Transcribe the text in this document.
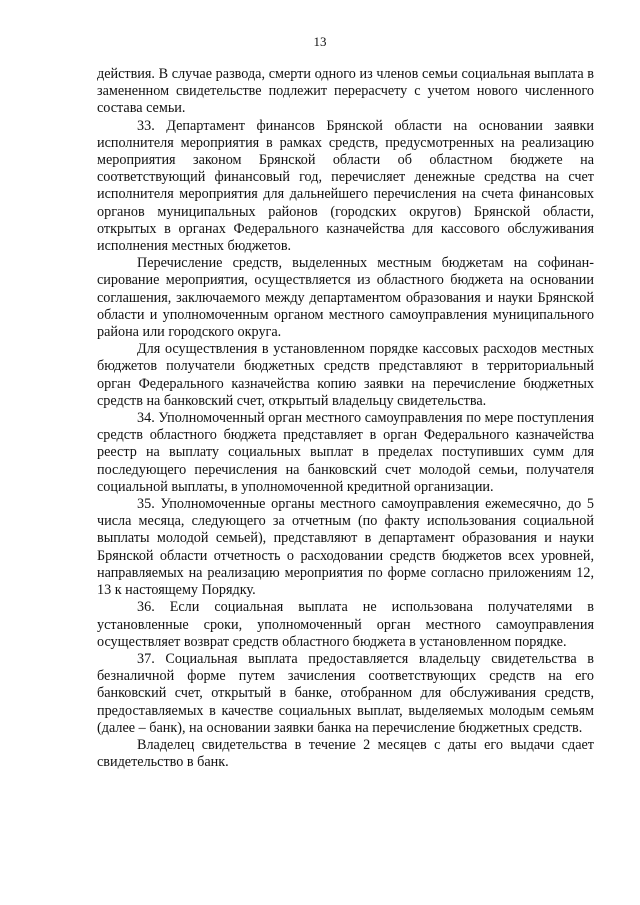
13

действия. В случае развода, смерти одного из членов семьи социальная выплата в замененном свидетельстве подлежит перерасчету с учетом нового численного состава семьи.

33. Департамент финансов Брянской области на основании заявки исполнителя мероприятия в рамках средств, предусмотренных на реализацию мероприятия законом Брянской области об областном бюджете на соответствующий финансовый год, перечисляет денежные средства на счет исполнителя мероприятия для дальнейшего перечисления на счета финансовых органов муниципальных районов (городских округов) Брянской области, открытых в органах Федерального казначейства для кассового обслуживания исполнения местных бюджетов.

Перечисление средств, выделенных местным бюджетам на софинансирование мероприятия, осуществляется из областного бюджета на основании соглашения, заключаемого между департаментом образования и науки Брянской области и уполномоченным органом местного самоуправления муниципального района или городского округа.

Для осуществления в установленном порядке кассовых расходов местных бюджетов получатели бюджетных средств представляют в территориальный орган Федерального казначейства копию заявки на перечисление бюджетных средств на банковский счет, открытый владельцу свидетельства.

34. Уполномоченный орган местного самоуправления по мере поступления средств областного бюджета представляет в орган Федерального казначейства реестр на выплату социальных выплат в пределах поступивших сумм для последующего перечисления на банковский счет молодой семьи, получателя социальной выплаты, в уполномоченной кредитной организации.

35. Уполномоченные органы местного самоуправления ежемесячно, до 5 числа месяца, следующего за отчетным (по факту использования социальной выплаты молодой семьей), представляют в департамент образования и науки Брянской области отчетность о расходовании средств бюджетов всех уровней, направляемых на реализацию мероприятия по форме согласно приложениям 12, 13 к настоящему Порядку.

36. Если социальная выплата не использована получателями в установленные сроки, уполномоченный орган местного самоуправления осуществляет возврат средств областного бюджета в установленном порядке.

37. Социальная выплата предоставляется владельцу свидетельства в безналичной форме путем зачисления соответствующих средств на его банковский счет, открытый в банке, отобранном для обслуживания средств, предоставляемых в качестве социальных выплат, выделяемых молодым семьям (далее – банк), на основании заявки банка на перечисление бюджетных средств.

Владелец свидетельства в течение 2 месяцев с даты его выдачи сдает свидетельство в банк.
